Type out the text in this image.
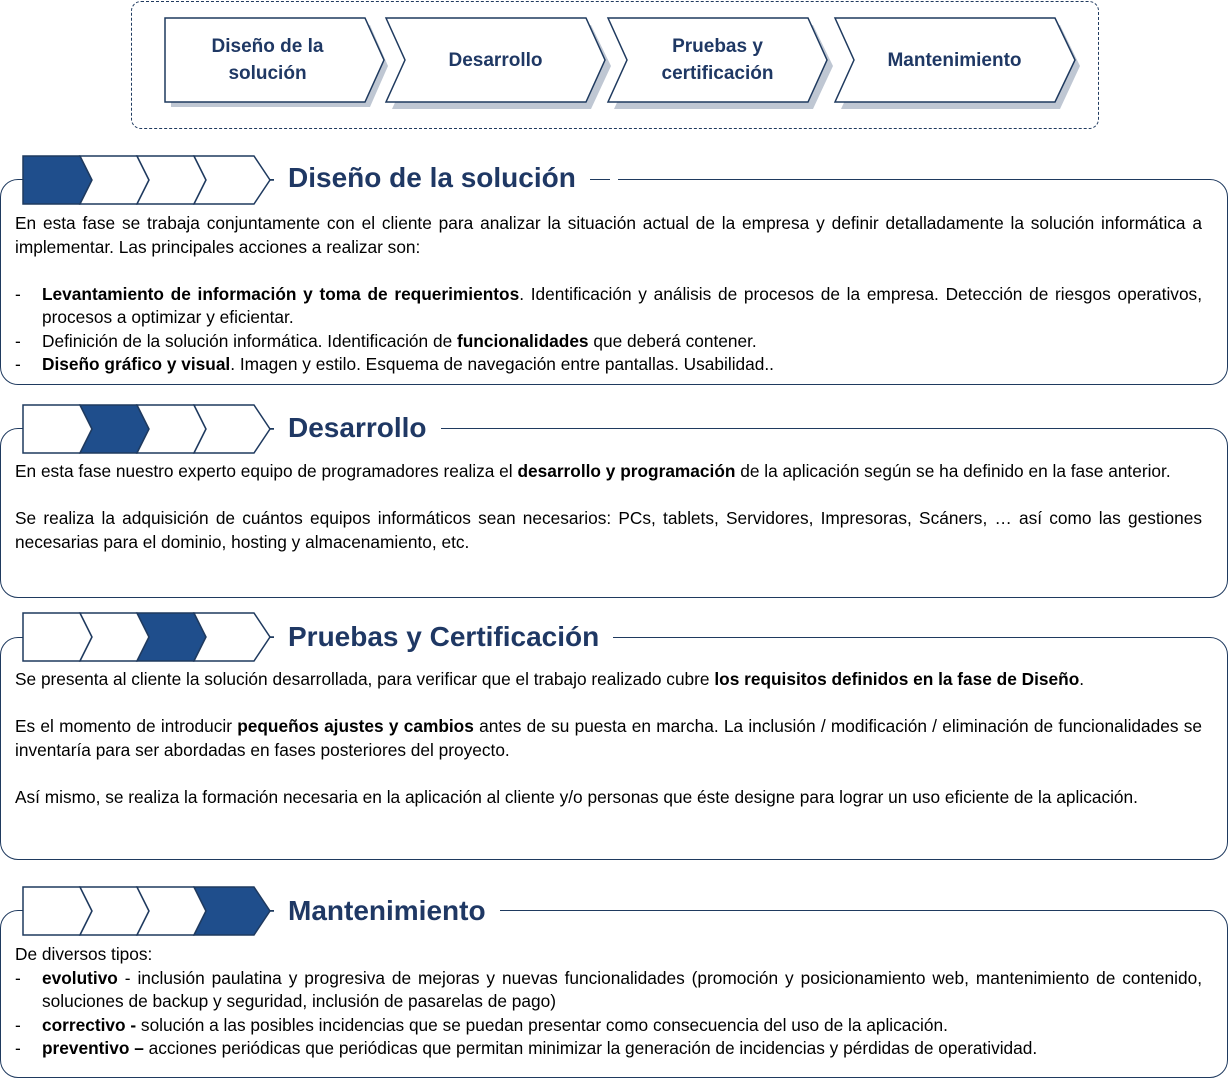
Diseño de la
solución
Desarrollo
Pruebas y
certificación
Mantenimiento
Diseño de la solución

En esta fase se trabaja conjuntamente con el cliente para analizar la situación actual de la empresa y definir detalladamente la solución informática a implementar. Las principales acciones a realizar son:

- Levantamiento de información y toma de requerimientos. Identificación y análisis de procesos de la empresa. Detección de riesgos operativos, procesos a optimizar y eficientar.
- Definición de la solución informática. Identificación de funcionalidades que deberá contener.
- Diseño gráfico y visual. Imagen y estilo. Esquema de navegación entre pantallas. Usabilidad..
Desarrollo

En esta fase nuestro experto equipo de programadores realiza el desarrollo y programación de la aplicación según se ha definido en la fase anterior.

Se realiza la adquisición de cuántos equipos informáticos sean necesarios: PCs, tablets, Servidores, Impresoras, Scáners, … así como las gestiones necesarias para el dominio, hosting y almacenamiento, etc.

Pruebas y Certificación

Se presenta al cliente la solución desarrollada, para verificar que el trabajo realizado cubre los requisitos definidos en la fase de Diseño.

Es el momento de introducir pequeños ajustes y cambios antes de su puesta en marcha. La inclusión / modificación / eliminación de funcionalidades se inventaría para ser abordadas en fases posteriores del proyecto.

Así mismo, se realiza la formación necesaria en la aplicación al cliente y/o personas que éste designe para lograr un uso eficiente de la aplicación.

Mantenimiento

De diversos tipos:

- evolutivo - inclusión paulatina y progresiva de mejoras y nuevas funcionalidades (promoción y posicionamiento web, mantenimiento de contenido, soluciones de backup y seguridad, inclusión de pasarelas de pago)
- correctivo - solución a las posibles incidencias que se puedan presentar como consecuencia del uso de la aplicación.
- preventivo – acciones periódicas que periódicas que permitan minimizar la generación de incidencias y pérdidas de operatividad.
